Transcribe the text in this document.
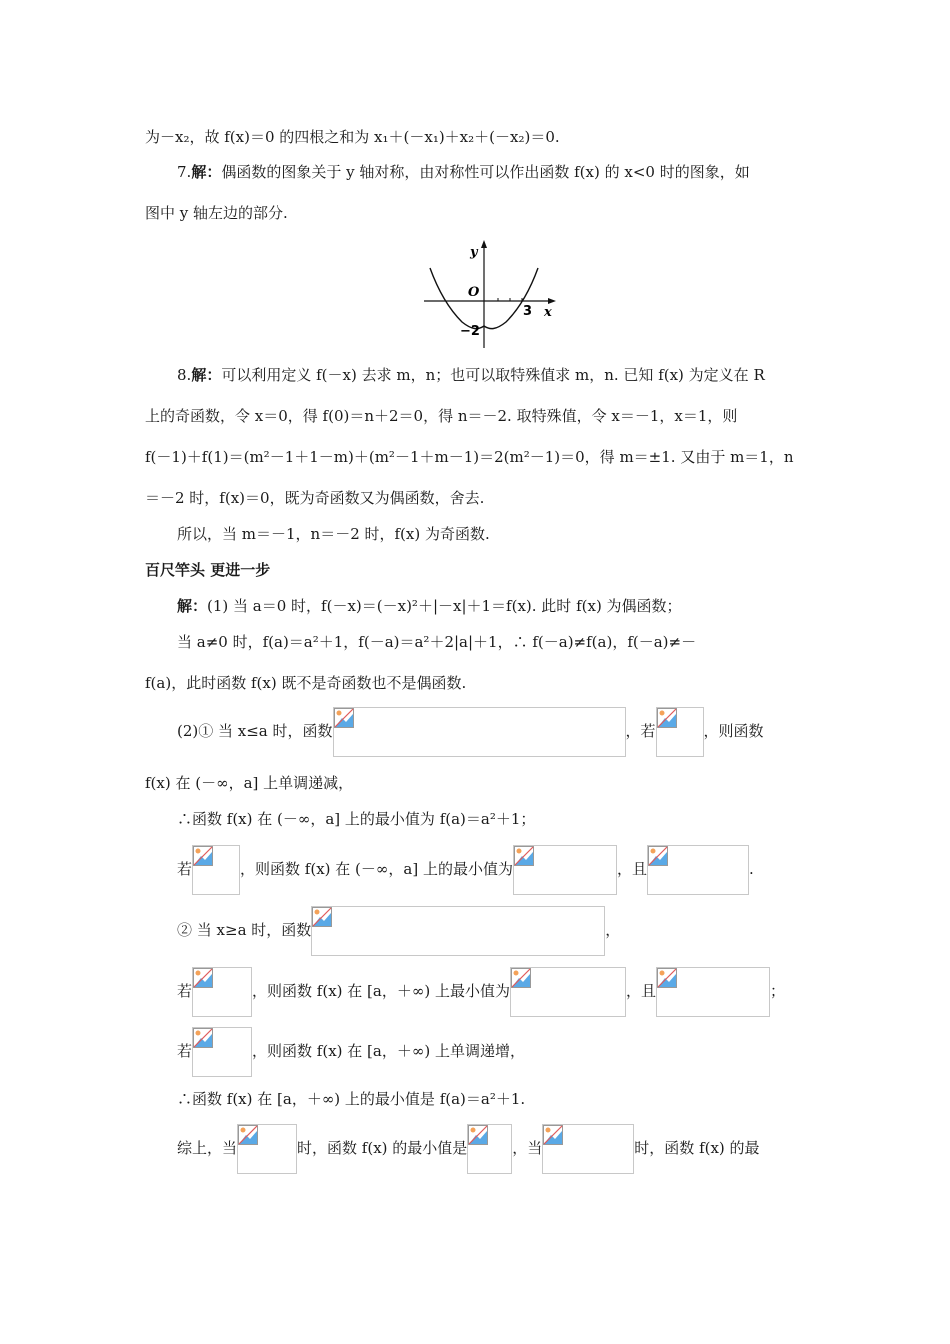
为－x₂，故 f(x)＝0 的四根之和为 x₁＋(－x₁)＋x₂＋(－x₂)＝0.
7.解：偶函数的图象关于 y 轴对称，由对称性可以作出函数 f(x) 的 x<0 时的图象，如
图中 y 轴左边的部分.
y
x
O
−2
3
8.解：可以利用定义 f(－x) 去求 m，n；也可以取特殊值求 m，n. 已知 f(x) 为定义在 R
上的奇函数，令 x＝0，得 f(0)＝n＋2＝0，得 n＝－2. 取特殊值，令 x＝－1，x＝1，则
f(－1)＋f(1)＝(m²－1＋1－m)＋(m²－1＋m－1)＝2(m²－1)＝0，得 m＝±1. 又由于 m＝1，n
＝－2 时，f(x)＝0，既为奇函数又为偶函数，舍去.
所以，当 m＝－1，n＝－2 时，f(x) 为奇函数.
百尺竿头 更进一步
解：(1) 当 a＝0 时，f(－x)＝(－x)²＋|－x|＋1＝f(x). 此时 f(x) 为偶函数；
当 a≠0 时，f(a)＝a²＋1，f(－a)＝a²＋2|a|＋1，∴ f(－a)≠f(a)，f(－a)≠－
f(a)，此时函数 f(x) 既不是奇函数也不是偶函数.
(2)① 当 x≤a 时，函数	，若	，则函数
f(x) 在 (－∞，a] 上单调递减，
∴函数 f(x) 在 (－∞，a] 上的最小值为 f(a)＝a²＋1；
若	，则函数 f(x) 在 (－∞，a] 上的最小值为	，且	.
② 当 x≥a 时，函数	，
若	，则函数 f(x) 在 [a，＋∞) 上最小值为	，且	；
若	，则函数 f(x) 在 [a，＋∞) 上单调递增，
∴函数 f(x) 在 [a，＋∞) 上的最小值是 f(a)＝a²＋1.
综上，当	时，函数 f(x) 的最小值是	，当	时，函数 f(x) 的最
